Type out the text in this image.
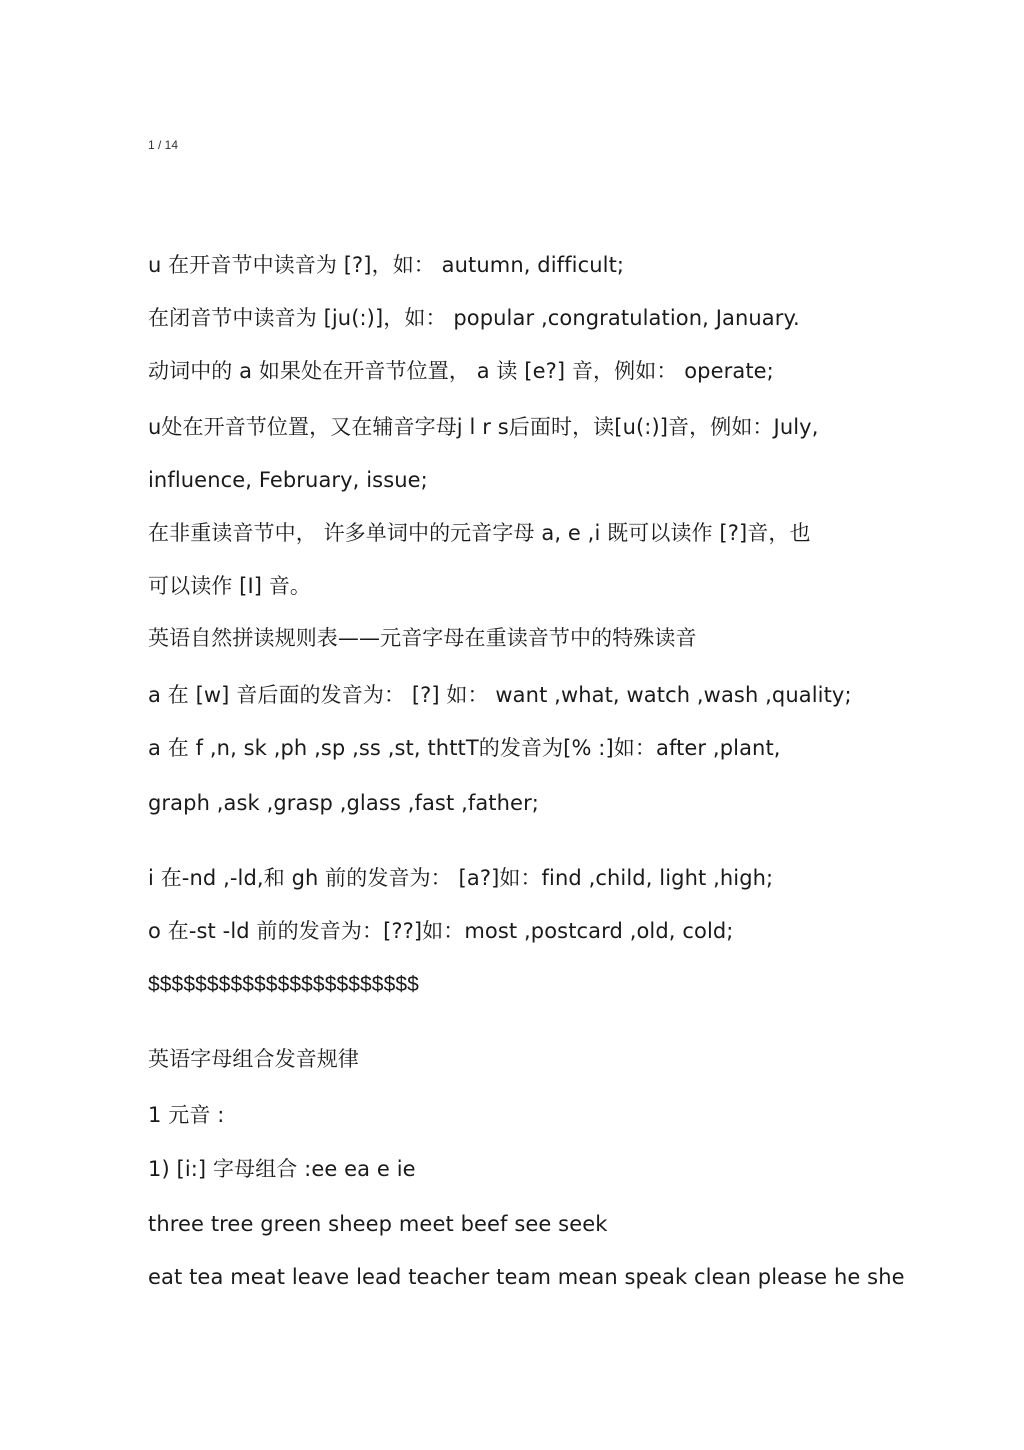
1 / 14
u 在开音节中读音为 [?]，如： autumn, difficult;
在闭音节中读音为 [ju(:)]，如： popular ,congratulation, January.
动词中的 a 如果处在开音节位置， a 读 [e?] 音，例如： operate;
u处在开音节位置，又在辅音字母j l r s后面时，读[u(:)]音，例如：July,
influence, February, issue;
在非重读音节中， 许多单词中的元音字母 a, e ,i 既可以读作 [?]音，也
可以读作 [I] 音。
英语自然拼读规则表——元音字母在重读音节中的特殊读音
a 在 [w] 音后面的发音为： [?] 如： want ,what, watch ,wash ,quality;
a 在 f ,n, sk ,ph ,sp ,ss ,st, thttT的发音为[% :]如：after ,plant,
graph ,ask ,grasp ,glass ,fast ,father;
i 在-nd ,-ld,和 gh 前的发音为： [a?]如：find ,child, light ,high;
o 在-st -ld 前的发音为：[??]如：most ,postcard ,old, cold;
$$$$$$$$$$$$$$$$$$$$$$$
英语字母组合发音规律
1 元音 :
1) [i:] 字母组合 :ee ea e ie
three tree green sheep meet beef see seek
eat tea meat leave lead teacher team mean speak clean please he she
